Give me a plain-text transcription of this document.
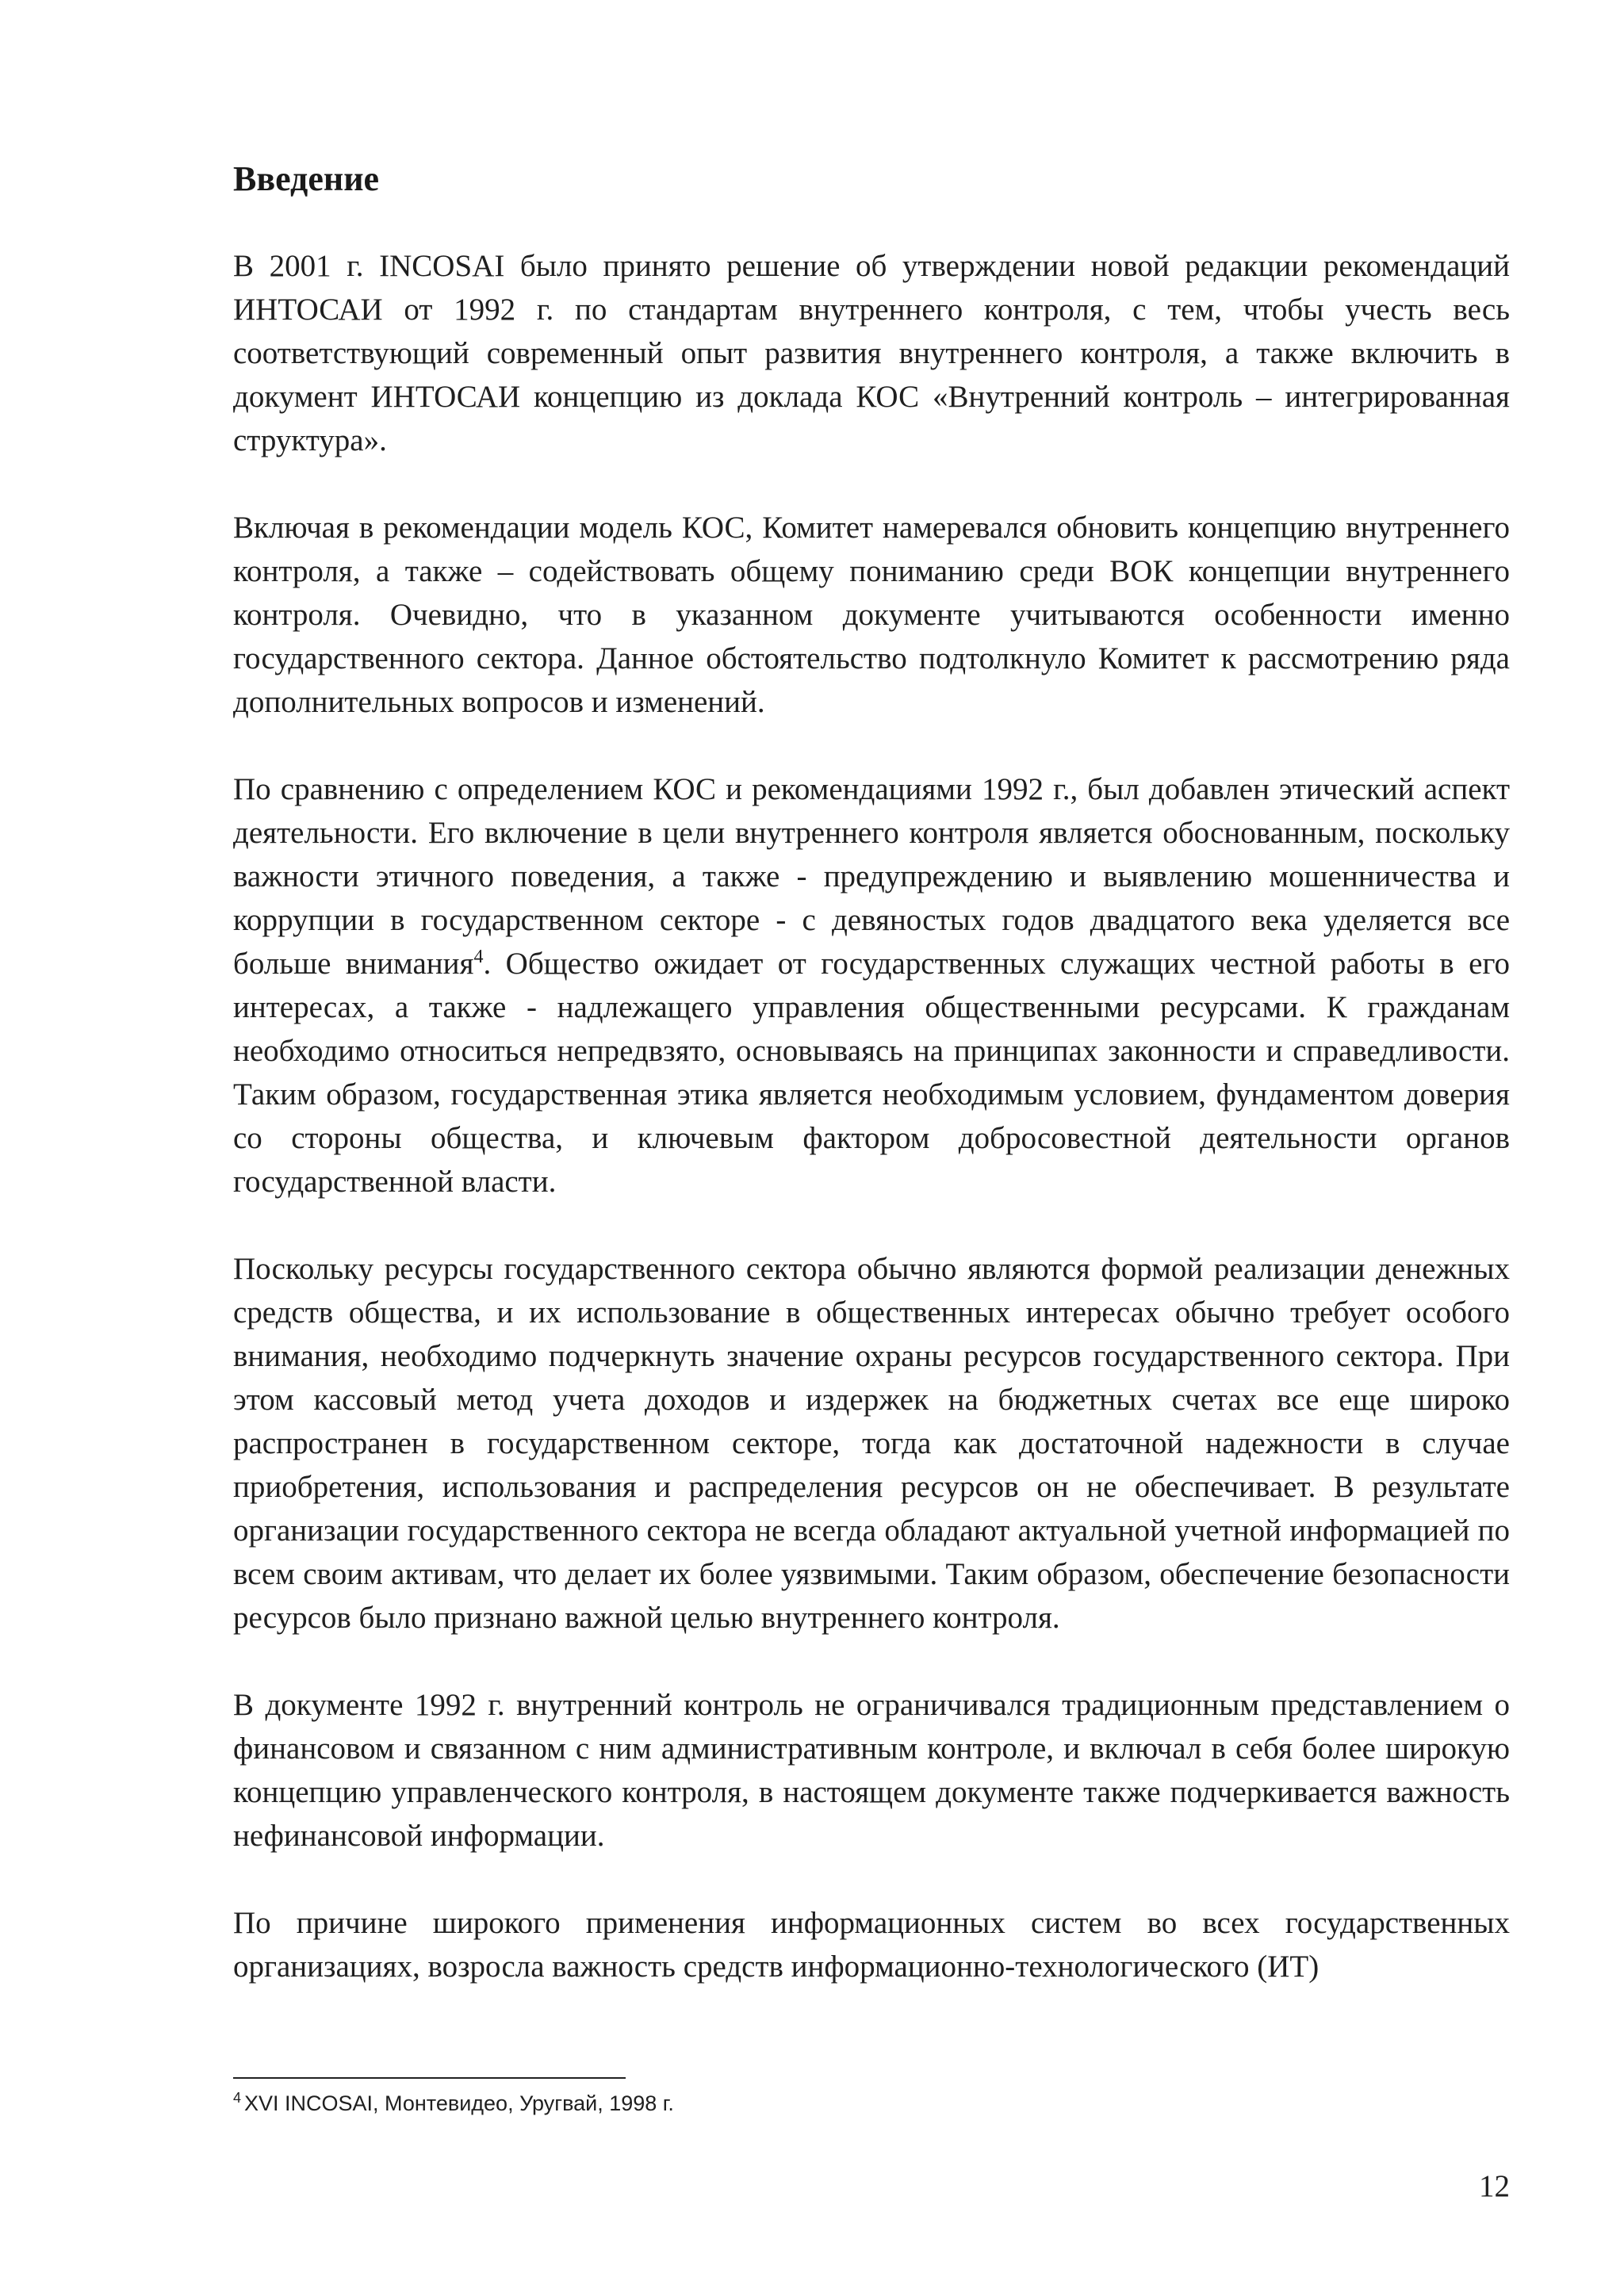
Введение

В 2001 г. INCOSAI было принято решение об утверждении новой редакции рекомендаций ИНТОСАИ от 1992 г. по стандартам внутреннего контроля, с тем, чтобы учесть весь соответствующий современный опыт развития внутреннего контроля, а также включить в документ ИНТОСАИ концепцию из доклада КОС «Внутренний контроль – интегрированная структура».

Включая в рекомендации модель КОС, Комитет намеревался обновить концепцию внутреннего контроля, а также – содействовать общему пониманию среди ВОК концепции внутреннего контроля. Очевидно, что в указанном документе учитываются особенности именно государственного сектора. Данное обстоятельство подтолкнуло Комитет к рассмотрению ряда дополнительных вопросов и изменений.

По сравнению с определением КОС и рекомендациями 1992 г., был добавлен этический аспект деятельности. Его включение в цели внутреннего контроля является обоснованным, поскольку важности этичного поведения, а также - предупреждению и выявлению мошенничества и коррупции в государственном секторе - с девяностых годов двадцатого века уделяется все больше внимания$^4$. Общество ожидает от государственных служащих честной работы в его интересах, а также - надлежащего управления общественными ресурсами. К гражданам необходимо относиться непредвзято, основываясь на принципах законности и справедливости. Таким образом, государственная этика является необходимым условием, фундаментом доверия со стороны общества, и ключевым фактором добросовестной деятельности органов государственной власти.

Поскольку ресурсы государственного сектора обычно являются формой реализации денежных средств общества, и их использование в общественных интересах обычно требует особого внимания, необходимо подчеркнуть значение охраны ресурсов государственного сектора. При этом кассовый метод учета доходов и издержек на бюджетных счетах все еще широко распространен в государственном секторе, тогда как достаточной надежности в случае приобретения, использования и распределения ресурсов он не обеспечивает. В результате организации государственного сектора не всегда обладают актуальной учетной информацией по всем своим активам, что делает их более уязвимыми. Таким образом, обеспечение безопасности ресурсов было признано важной целью внутреннего контроля.

В документе 1992 г. внутренний контроль не ограничивался традиционным представлением о финансовом и связанном с ним административным контроле, и включал в себя более широкую концепцию управленческого контроля, в настоящем документе также подчеркивается важность нефинансовой информации.

По причине широкого применения информационных систем во всех государственных организациях, возросла важность средств информационно-технологического (ИТ)

$^4$ XVI INCOSAI, Монтевидео, Уругвай, 1998 г.
12
